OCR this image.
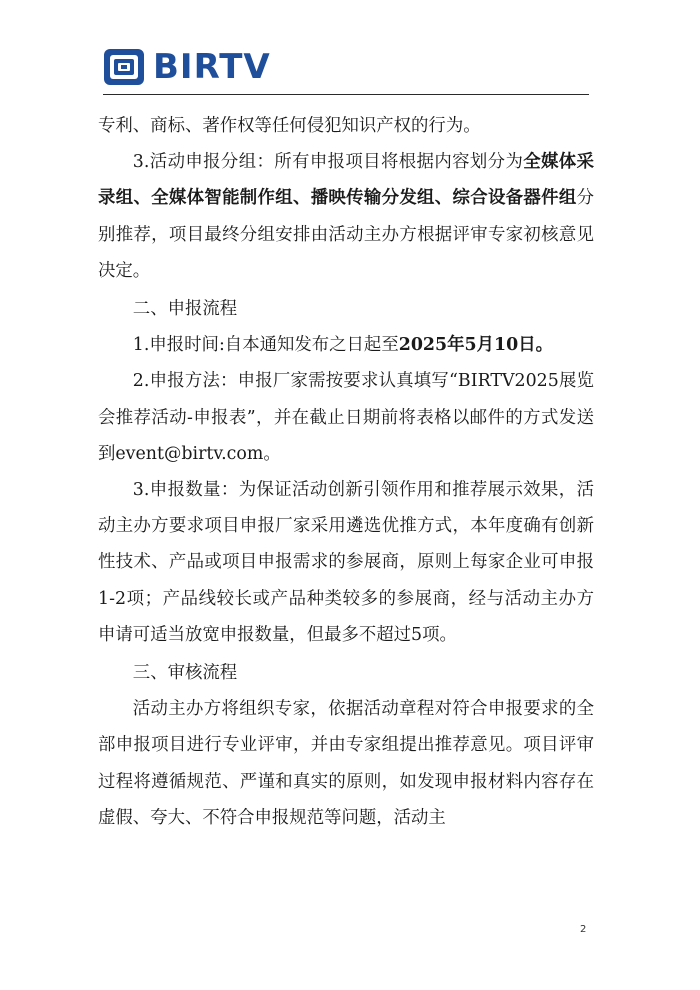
BIRTV

专利、商标、著作权等任何侵犯知识产权的行为。

3.活动申报分组：所有申报项目将根据内容划分为全媒体采录组、全媒体智能制作组、播映传输分发组、综合设备器件组分别推荐，项目最终分组安排由活动主办方根据评审专家初核意见决定。

二、申报流程

1.申报时间:自本通知发布之日起至2025年5月10日。

2.申报方法：申报厂家需按要求认真填写“BIRTV2025展览会推荐活动-申报表”，并在截止日期前将表格以邮件的方式发送到event@birtv.com。

3.申报数量：为保证活动创新引领作用和推荐展示效果，活动主办方要求项目申报厂家采用遴选优推方式，本年度确有创新性技术、产品或项目申报需求的参展商，原则上每家企业可申报1-2项；产品线较长或产品种类较多的参展商，经与活动主办方申请可适当放宽申报数量，但最多不超过5项。

三、审核流程

活动主办方将组织专家，依据活动章程对符合申报要求的全部申报项目进行专业评审，并由专家组提出推荐意见。项目评审过程将遵循规范、严谨和真实的原则，如发现申报材料内容存在虚假、夸大、不符合申报规范等问题，活动主

2
